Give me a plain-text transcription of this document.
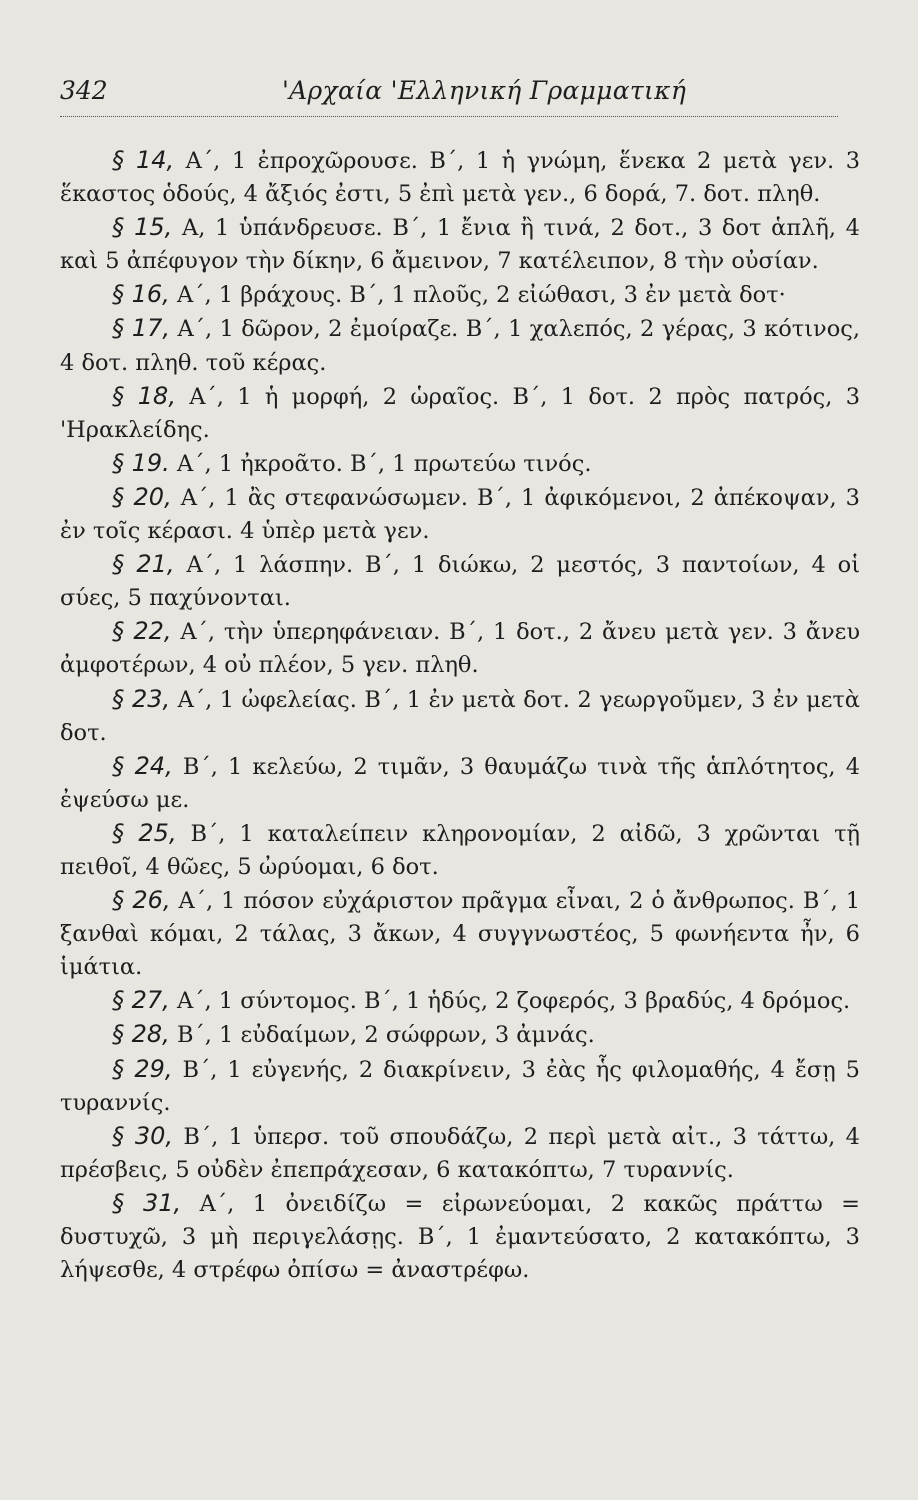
342	'Αρχαία 'Ελληνική Γραμματική

§ 14, Α΄, 1 ἐπροχῶρουσε. Β΄, 1 ἡ γνώμη, ἕνεκα 2 μετὰ γεν. 3 ἕκαστος ὁδούς, 4 ἄξιός ἐστι, 5 ἐπὶ μετὰ γεν., 6 δορά, 7. δοτ. πληθ.

§ 15, Α, 1 ὑπάνδρευσε. Β΄, 1 ἔνια ἢ τινά, 2 δοτ., 3 δοτ ἁπλῆ, 4 καὶ 5 ἀπέφυγον τὴν δίκην, 6 ἄμεινον, 7 κατέλειπον, 8 τὴν οὐσίαν.

§ 16, Α΄, 1 βράχους. Β΄, 1 πλοῦς, 2 εἰώθασι, 3 ἐν μετὰ δοτ·

§ 17, Α΄, 1 δῶρον, 2 ἐμοίραζε. Β΄, 1 χαλεπός, 2 γέρας, 3 κότινος, 4 δοτ. πληθ. τοῦ κέρας.

§ 18, Α΄, 1 ἡ μορφή, 2 ὡραῖος. Β΄, 1 δοτ. 2 πρὸς πατρός, 3 'Ηρακλείδης.

§ 19. Α΄, 1 ἠκροᾶτο. Β΄, 1 πρωτεύω τινός.

§ 20, Α΄, 1 ἂς στεφανώσωμεν. Β΄, 1 ἀφικόμενοι, 2 ἀπέκοψαν, 3 ἐν τοῖς κέρασι. 4 ὑπὲρ μετὰ γεν.

§ 21, Α΄, 1 λάσπην. Β΄, 1 διώκω, 2 μεστός, 3 παντοίων, 4 οἱ σύες, 5 παχύνονται.

§ 22, Α΄, τὴν ὑπερηφάνειαν. Β΄, 1 δοτ., 2 ἄνευ μετὰ γεν. 3 ἄνευ ἀμφοτέρων, 4 οὐ πλέον, 5 γεν. πληθ.

§ 23, Α΄, 1 ὠφελείας. Β΄, 1 ἐν μετὰ δοτ. 2 γεωργοῦμεν, 3 ἐν μετὰ δοτ.

§ 24, Β΄, 1 κελεύω, 2 τιμᾶν, 3 θαυμάζω τινὰ τῆς ἁπλότητος, 4 ἐψεύσω με.

§ 25, Β΄, 1 καταλείπειν κληρονομίαν, 2 αἰδῶ, 3 χρῶνται τῇ πειθοῖ, 4 θῶες, 5 ὠρύομαι, 6 δοτ.

§ 26, Α΄, 1 πόσον εὐχάριστον πρᾶγμα εἶναι, 2 ὁ ἄνθρωπος. Β΄, 1 ξανθαὶ κόμαι, 2 τάλας, 3 ἄκων, 4 συγγνωστέος, 5 φωνήεντα ἦν, 6 ἱμάτια.

§ 27, Α΄, 1 σύντομος. Β΄, 1 ἡδύς, 2 ζοφερός, 3 βραδύς, 4 δρόμος.

§ 28, Β΄, 1 εὐδαίμων, 2 σώφρων, 3 ἀμνάς.

§ 29, Β΄, 1 εὐγενής, 2 διακρίνειν, 3 ἐὰς ἧς φιλομαθής, 4 ἔσῃ 5 τυραννίς.

§ 30, Β΄, 1 ὑπερσ. τοῦ σπουδάζω, 2 περὶ μετὰ αἰτ., 3 τάττω, 4 πρέσβεις, 5 οὐδὲν ἐπεπράχεσαν, 6 κατακόπτω, 7 τυραννίς.

§ 31, Α΄, 1 ὀνειδίζω = εἰρωνεύομαι, 2 κακῶς πράττω = δυστυχῶ, 3 μὴ περιγελάσῃς. Β΄, 1 ἐμαντεύσατο, 2 κατακόπτω, 3 λήψεσθε, 4 στρέφω ὀπίσω = ἀναστρέφω.
